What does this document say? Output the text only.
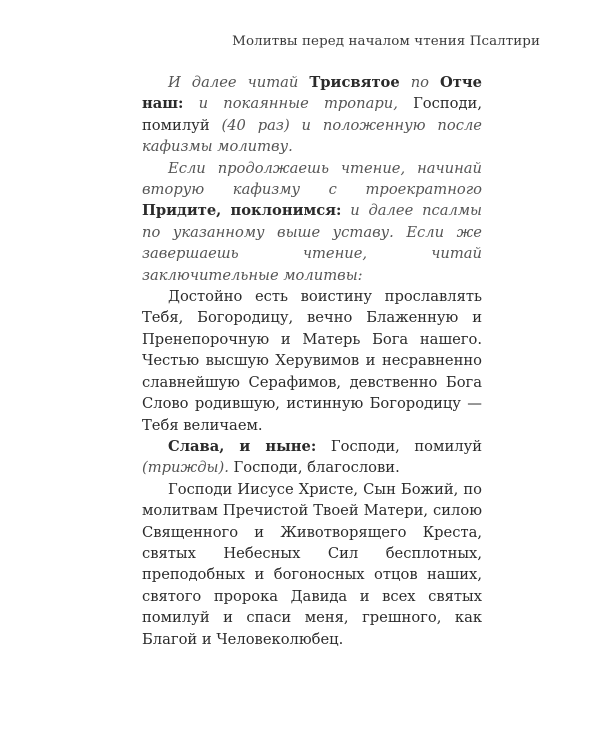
Молитвы перед началом чтения Псалтири

И далее читай Трисвятое по Отче наш: и покаянные тропари, Господи, помилуй (40 раз) и положенную после кафизмы молитву.

Если продолжаешь чтение, начинай вторую кафизму с троекратного Придите, поклонимся: и далее псалмы по указанному выше уставу. Если же завершаешь чтение, читай заключительные молитвы:

Достойно есть воистину прославлять Тебя, Богородицу, вечно Блаженную и Пренепорочную и Матерь Бога нашего. Честью высшую Херувимов и несравненно славнейшую Серафимов, девственно Бога Слово родившую, истинную Богородицу — Тебя величаем.

Слава, и ныне: Господи, помилуй (трижды). Господи, благослови.

Господи Иисусе Христе, Сын Божий, по молитвам Пречистой Твоей Матери, силою Священного и Животворящего Креста, святых Небесных Сил бесплотных, преподобных и богоносных отцов наших, святого пророка Давида и всех святых помилуй и спаси меня, грешного, как Благой и Человеколюбец.
